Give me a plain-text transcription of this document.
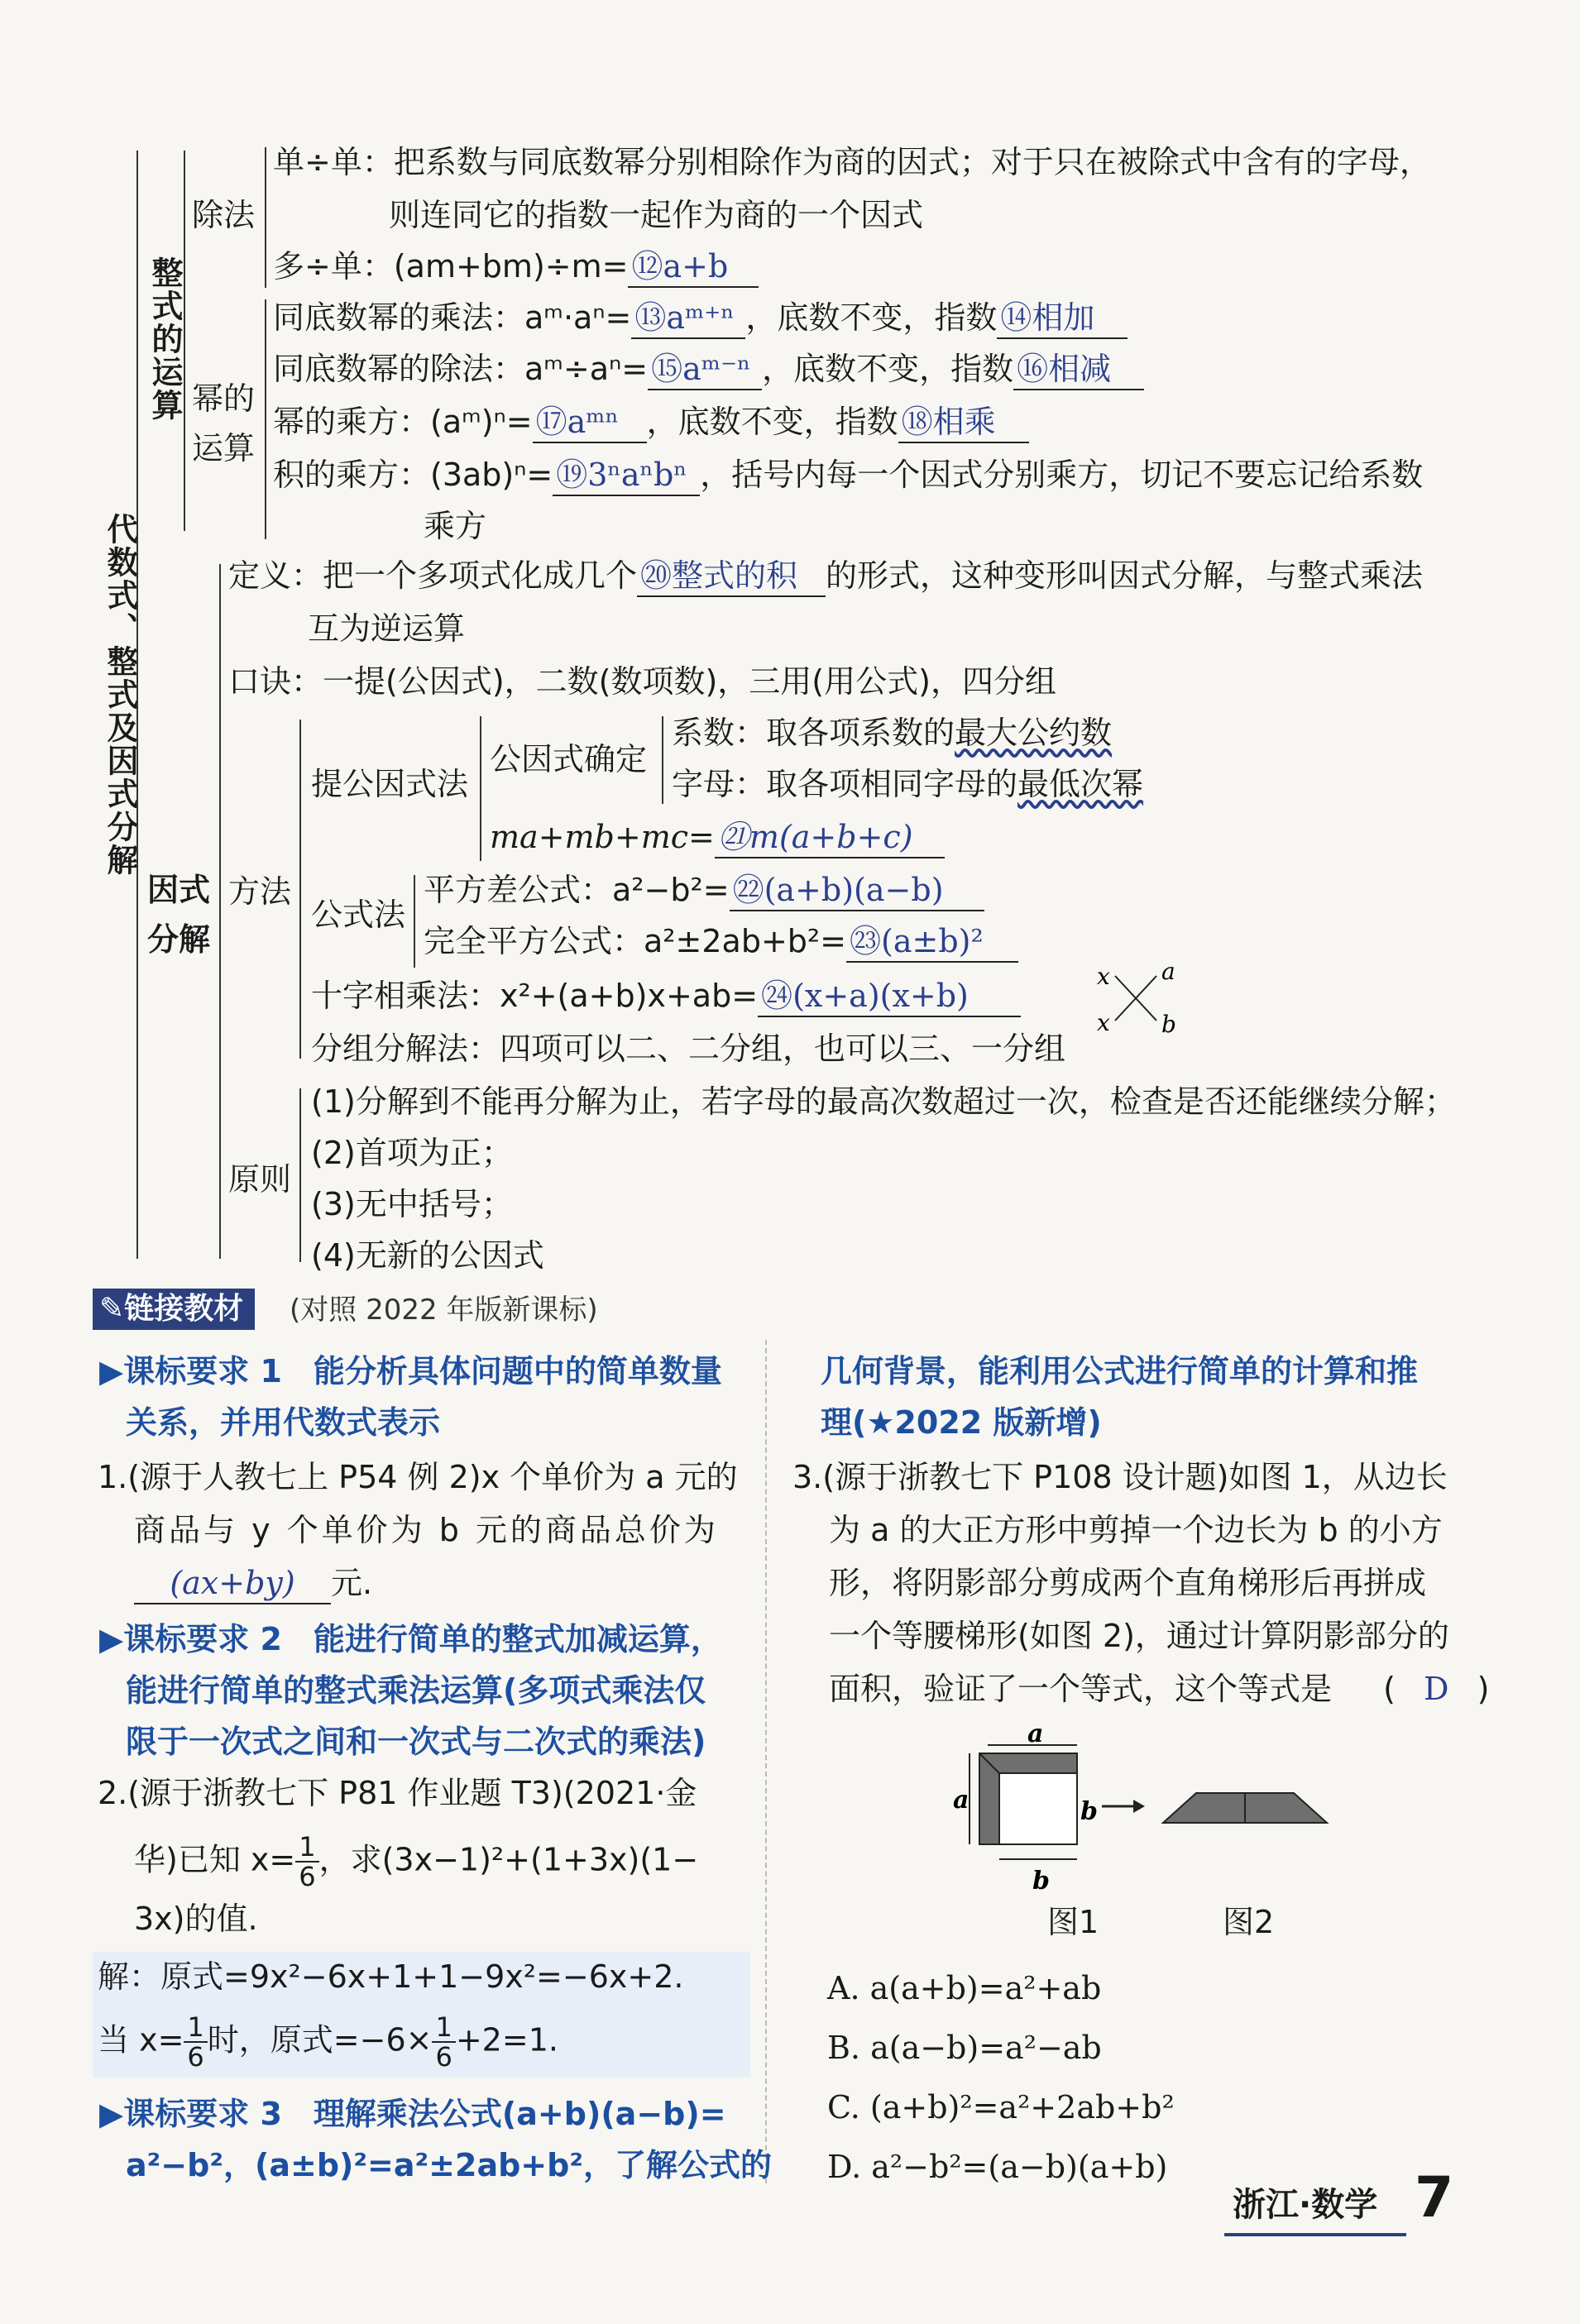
代数式、整式及因式分解
整式的运算
除法
单÷单：把系数与同底数幂分别相除作为商的因式；对于只在被除式中含有的字母，
则连同它的指数一起作为商的一个因式
多÷单：(am+bm)÷m= ⑫a+b
幂的
运算
同底数幂的乘法：aᵐ·aⁿ= ⑬aᵐ⁺ⁿ ，底数不变，指数 ⑭相加
同底数幂的除法：aᵐ÷aⁿ= ⑮aᵐ⁻ⁿ ，底数不变，指数 ⑯相减
幂的乘方：(aᵐ)ⁿ= ⑰aᵐⁿ ，底数不变，指数 ⑱相乘
积的乘方：(3ab)ⁿ= ⑲3ⁿaⁿbⁿ ，括号内每一个因式分别乘方，切记不要忘记给系数
乘方
因式
分解
定义：把一个多项式化成几个 ⑳整式的积 的形式，这种变形叫因式分解，与整式乘法
互为逆运算
口诀：一提(公因式)，二数(数项数)，三用(用公式)，四分组
方法
提公因式法
公因式确定
系数：取各项系数的最大公约数
字母：取各项相同字母的最低次幂
ma+mb+mc= ㉑m(a+b+c)
公式法
平方差公式：a²−b²= ㉒(a+b)(a−b)
完全平方公式：a²±2ab+b²= ㉓(a±b)²
十字相乘法：x²+(a+b)x+ab= ㉔(x+a)(x+b)
x
x
a
b
分组分解法：四项可以二、二分组，也可以三、一分组
原则
(1)分解到不能再分解为止，若字母的最高次数超过一次，检查是否还能继续分解；
(2)首项为正；
(3)无中括号；
(4)无新的公因式
✎链接教材	(对照 2022 年版新课标)
▶课标要求 1　能分析具体问题中的简单数量
关系，并用代数式表示
1.(源于人教七上 P54 例 2)x 个单价为 a 元的
商品与 y 个单价为 b 元的商品总价为
(ax+by) 元.
▶课标要求 2　能进行简单的整式加减运算，
能进行简单的整式乘法运算(多项式乘法仅
限于一次式之间和一次式与二次式的乘法)
2.(源于浙教七下 P81 作业题 T3)(2021·金
华)已知 $x= \frac{1}{6}$ ，求(3x−1)²+(1+3x)(1−
3x)的值.
解：原式=9x²−6x+1+1−9x²=−6x+2.
当 $x= \frac{1}{6}$ 时，原式$=-6\times \frac{1}{6} +2=1$.
▶课标要求 3　理解乘法公式(a+b)(a−b)=
a²−b²，(a±b)²=a²±2ab+b²，了解公式的
几何背景，能利用公式进行简单的计算和推
理(★2022 版新增)
3.(源于浙教七下 P108 设计题)如图 1，从边长
为 a 的大正方形中剪掉一个边长为 b 的小方
形，将阴影部分剪成两个直角梯形后再拼成
一个等腰梯形(如图 2)，通过计算阴影部分的
面积，验证了一个等式，这个等式是 ( D )
a
a
b
b
图1	图2
A. a(a+b)=a²+ab
B. a(a−b)=a²−ab
C. (a+b)²=a²+2ab+b²
D. a²−b²=(a−b)(a+b)
浙江·数学 7
